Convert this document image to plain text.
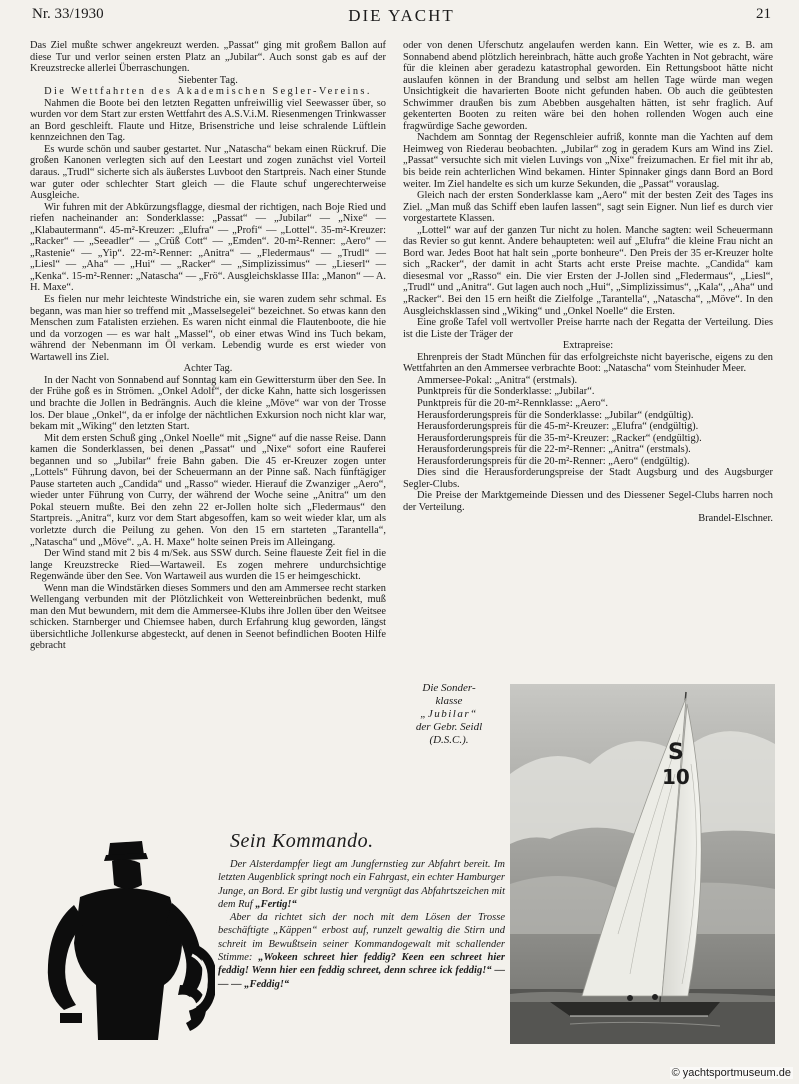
Nr. 33/1930	DIE YACHT	21

Das Ziel mußte schwer angekreuzt werden. „Passat“ ging mit großem Ballon auf diese Tur und verlor seinen ersten Platz an „Jubilar“. Auch sonst gab es auf der Kreuzstrecke allerlei Überraschungen.

Siebenter Tag.

Die Wettfahrten des Akademischen Segler-Vereins.

Nahmen die Boote bei den letzten Regatten unfreiwillig viel Seewasser über, so wurden vor dem Start zur ersten Wettfahrt des A.S.V.i.M. Riesenmengen Trinkwasser an Bord geschleift. Flaute und Hitze, Brisenstriche und leise schralende Lüftlein kennzeichnen den Tag.

Es wurde schön und sauber gestartet. Nur „Natascha“ bekam einen Rückruf. Die großen Kanonen verlegten sich auf den Leestart und zogen zunächst viel Vorteil daraus. „Trudl“ sicherte sich als äußerstes Luvboot den Startpreis. Nach einer Stunde war guter oder schlechter Start gleich — die Flaute schuf ungerechterweise Ausgleiche.

Wir fuhren mit der Abkürzungsflagge, diesmal der richtigen, nach Boje Ried und riefen nacheinander an: Sonderklasse: „Passat“ — „Jubilar“ — „Nixe“ — „Klabautermann“. 45-m²-Kreuzer: „Elufra“ — „Profi“ — „Lottel“. 35-m²-Kreuzer: „Racker“ — „Seeadler“ — „Crüß Cott“ — „Emden“. 20-m²-Renner: „Aero“ — „Rastenie“ — „Yip“. 22-m²-Renner: „Anitra“ — „Fledermaus“ — „Trudl“ — „Liesl“ — „Aha“ — „Hui“ — „Racker“ — „Simplizissimus“ — „Lieserl“ — „Kenka“. 15-m²-Renner: „Natascha“ — „Frö“. Ausgleichsklasse IIIa: „Manon“ — A. H. Maxe“.

Es fielen nur mehr leichteste Windstriche ein, sie waren zudem sehr schmal. Es begann, was man hier so treffend mit „Masselsegelei“ bezeichnet. So etwas kann den Menschen zum Fatalisten erziehen. Es waren nicht einmal die Flautenboote, die hie und da vorzogen — es war halt „Massel“, ob einer etwas Wind ins Tuch bekam, während der Nebenmann im Öl verkam. Lebendig wurde es erst wieder von Wartawell ins Ziel.

Achter Tag.

In der Nacht von Sonnabend auf Sonntag kam ein Gewittersturm über den See. In der Frühe goß es in Strömen. „Onkel Adolf“, der dicke Kahn, hatte sich losgerissen und brachte die Jollen in Bedrängnis. Auch die kleine „Möve“ war von der Trosse los. Der blaue „Onkel“, da er infolge der nächtlichen Exkursion noch nicht klar war, bekam mit „Wiking“ den letzten Start.

Mit dem ersten Schuß ging „Onkel Noelle“ mit „Signe“ auf die nasse Reise. Dann kamen die Sonderklassen, bei denen „Passat“ und „Nixe“ sofort eine Rauferei begannen und so „Jubilar“ freie Bahn gaben. Die 45 er-Kreuzer zogen unter „Lottels“ Führung davon, bei der Scheuermann an der Pinne saß. Nach fünftägiger Pause starteten auch „Candida“ und „Rasso“ wieder. Hierauf die Zwanziger „Aero“, wieder unter Führung von Curry, der während der Woche seine „Anitra“ um den Pokal steuern mußte. Bei den zehn 22 er-Jollen holte sich „Fledermaus“ den Startpreis. „Anitra“, kurz vor dem Start abgesoffen, kam so weit wieder klar, um als vorletzte durch die Peilung zu gehen. Von den 15 ern starteten „Tarantella“, „Natascha“ und „Möve“. „A. H. Maxe“ holte seinen Preis im Alleingang.

Der Wind stand mit 2 bis 4 m/Sek. aus SSW durch. Seine flaueste Zeit fiel in die lange Kreuzstrecke Ried—Wartaweil. Es zogen mehrere undurchsichtige Regenwände über den See. Von Wartaweil aus wurden die 15 er heimgeschickt.

Wenn man die Windstärken dieses Sommers und den am Ammersee recht starken Wellengang verbunden mit der Plötzlichkeit von Wettereinbrüchen bedenkt, muß man den Mut bewundern, mit dem die Ammersee-Klubs ihre Jollen über den Weitsee schicken. Starnberger und Chiemsee haben, durch Erfahrung klug geworden, längst übersichtliche Jollenkurse abgesteckt, auf denen in Seenot befindlichen Booten Hilfe gebracht

oder von denen Uferschutz angelaufen werden kann. Ein Wetter, wie es z. B. am Sonnabend abend plötzlich hereinbrach, hätte auch große Yachten in Not gebracht, wäre für die kleinen aber geradezu katastrophal geworden. Ein Rettungsboot hätte nicht auslaufen können in der Brandung und selbst am hellen Tage würde man wegen Unsichtigkeit die havarierten Boote nicht gefunden haben. Ob auch die geübtesten Schwimmer draußen bis zum Abebben ausgehalten hätten, ist sehr fraglich. Auf gekenterten Booten zu reiten wäre bei den hohen rollenden Wogen auch eine fragwürdige Sache geworden.

Nachdem am Sonntag der Regenschleier aufriß, konnte man die Yachten auf dem Heimweg von Riederau beobachten. „Jubilar“ zog in geradem Kurs am Wind ins Ziel. „Passat“ versuchte sich mit vielen Luvings von „Nixe“ freizumachen. Er fiel mit ihr ab, bis beide rein achterlichen Wind bekamen. Hinter Spinnaker gings dann Bord an Bord weiter. Im Ziel handelte es sich um kurze Sekunden, die „Passat“ vorauslag.

Gleich nach der ersten Sonderklasse kam „Aero“ mit der besten Zeit des Tages ins Ziel. „Man muß das Schiff eben laufen lassen“, sagt sein Eigner. Nun lief es durch vier vorgestartete Klassen.

„Lottel“ war auf der ganzen Tur nicht zu holen. Manche sagten: weil Scheuermann das Revier so gut kennt. Andere behaupteten: weil auf „Elufra“ die kleine Frau nicht an Bord war. Jedes Boot hat halt sein „porte bonheure“. Den Preis der 35 er-Kreuzer holte sich „Racker“, der damit in acht Starts acht erste Preise machte. „Candida“ kam diesesmal vor „Rasso“ ein. Die vier Ersten der J-Jollen sind „Fledermaus“, „Liesl“, „Trudl“ und „Anitra“. Gut lagen auch noch „Hui“, „Simplizissimus“, „Kala“, „Aha“ und „Racker“. Bei den 15 ern heißt die Zielfolge „Tarantella“, „Natascha“, „Möve“. In den Ausgleichsklassen sind „Wiking“ und „Onkel Noelle“ die Ersten.

Eine große Tafel voll wertvoller Preise harrte nach der Regatta der Verteilung. Dies ist die Liste der Träger der

Extrapreise:

Ehrenpreis der Stadt München für das erfolgreichste nicht bayerische, eigens zu den Wettfahrten an den Ammersee verbrachte Boot: „Natascha“ vom Steinhuder Meer.

Ammersee-Pokal: „Anitra“ (erstmals).

Punktpreis für die Sonderklasse: „Jubilar“.

Punktpreis für die 20-m²-Rennklasse: „Aero“.

Herausforderungspreis für die Sonderklasse: „Jubilar“ (endgültig).

Herausforderungspreis für die 45-m²-Kreuzer: „Elufra“ (endgültig).

Herausforderungspreis für die 35-m²-Kreuzer: „Racker“ (endgültig).

Herausforderungspreis für die 22-m²-Renner: „Anitra“ (erstmals).

Herausforderungspreis für die 20-m²-Renner: „Aero“ (endgültig).

Dies sind die Herausforderungspreise der Stadt Augsburg und des Augsburger Segler-Clubs.

Die Preise der Marktgemeinde Diessen und des Diessener Segel-Clubs harren noch der Verteilung.

Brandel-Elschner.

Die Sonder-
klasse
„Jubilar“
der Gebr. Seidl
(D.S.C.).	S
10
Sein Kommando.

Der Alsterdampfer liegt am Jungfernstieg zur Abfahrt bereit. Im letzten Augenblick springt noch ein Fahrgast, ein echter Hamburger Junge, an Bord. Er gibt lustig und vergnügt das Abfahrtszeichen mit dem Ruf „Fertig!“

Aber da richtet sich der noch mit dem Lösen der Trosse beschäftigte „Käppen“ erbost auf, runzelt gewaltig die Stirn und schreit im Bewußtsein seiner Kommandogewalt mit schallender Stimme: „Wokeen schreet hier feddig? Keen een schreet hier feddig! Wenn hier een feddig schreet, denn schree ick feddig!“ — — — „Feddig!“

© yachtsportmuseum.de
